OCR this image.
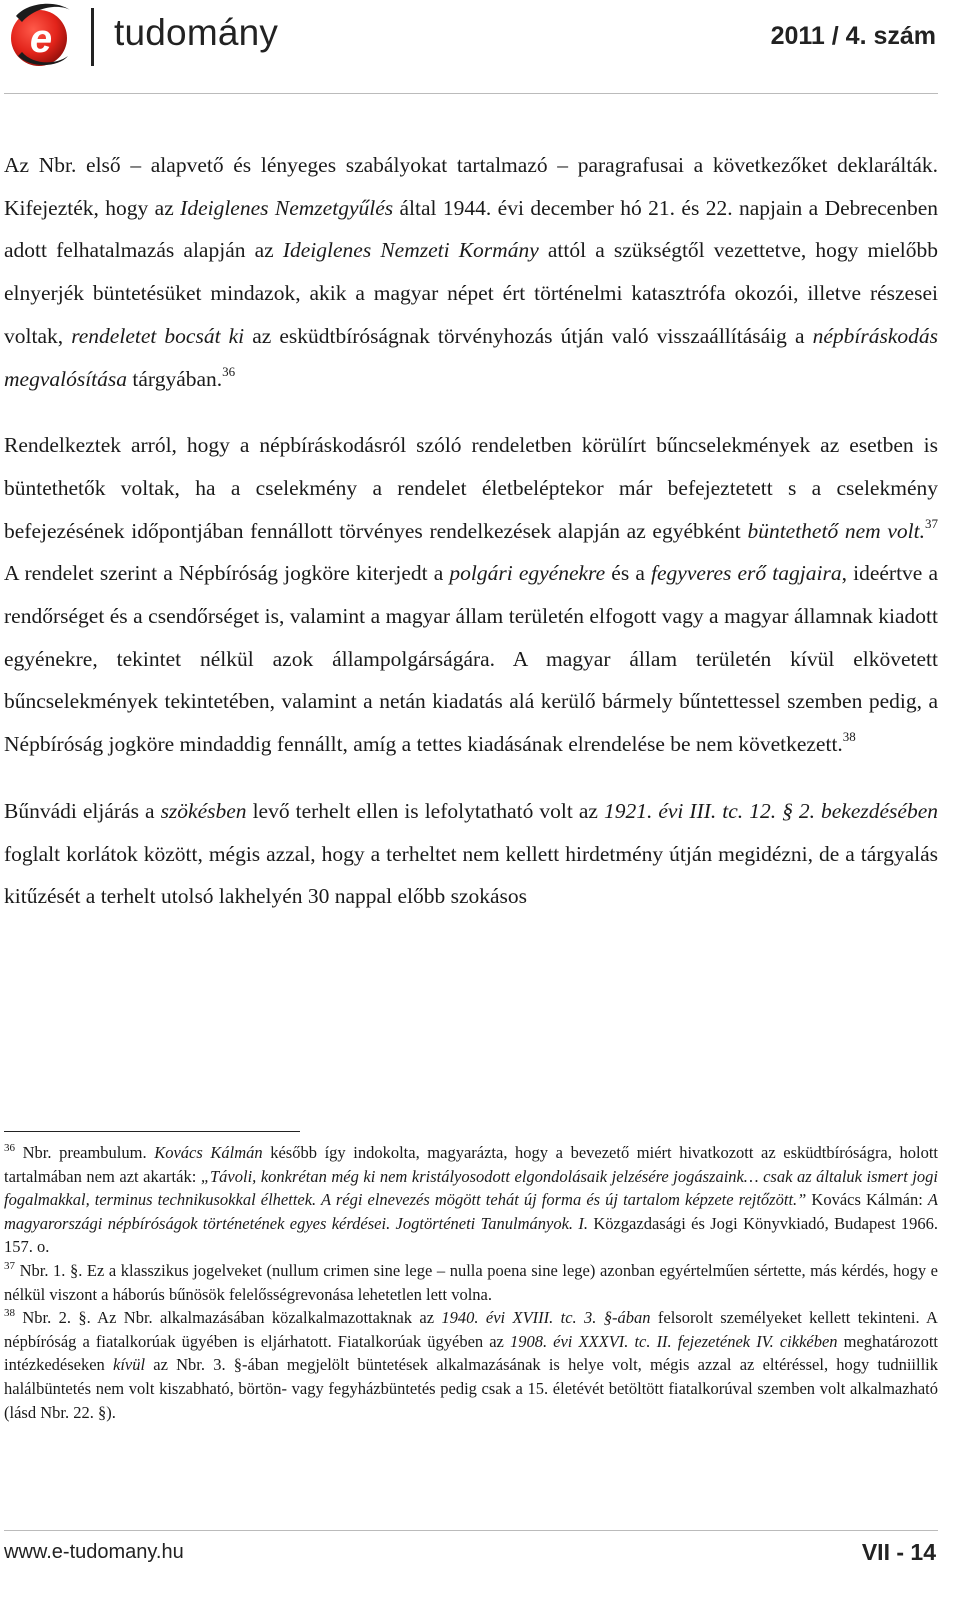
e tudomány	2011 / 4. szám

Az Nbr. első – alapvető és lényeges szabályokat tartalmazó – paragrafusai a következőket deklarálták. Kifejezték, hogy az Ideiglenes Nemzetgyűlés által 1944. évi december hó 21. és 22. napjain a Debrecenben adott felhatalmazás alapján az Ideiglenes Nemzeti Kormány attól a szükségtől vezettetve, hogy mielőbb elnyerjék büntetésüket mindazok, akik a magyar népet ért történelmi katasztrófa okozói, illetve részesei voltak, rendeletet bocsát ki az esküdtbíróságnak törvényhozás útján való visszaállításáig a népbíráskodás megvalósítása tárgyában.$^{36}$

Rendelkeztek arról, hogy a népbíráskodásról szóló rendeletben körülírt bűncselekmények az esetben is büntethetők voltak, ha a cselekmény a rendelet életbeléptekor már befejeztetett s a cselekmény befejezésének időpontjában fennállott törvényes rendelkezések alapján az egyébként büntethető nem volt.$^{37}$ A rendelet szerint a Népbíróság jogköre kiterjedt a polgári egyénekre és a fegyveres erő tagjaira, ideértve a rendőrséget és a csendőrséget is, valamint a magyar állam területén elfogott vagy a magyar államnak kiadott egyénekre, tekintet nélkül azok állampolgárságára. A magyar állam területén kívül elkövetett bűncselekmények tekintetében, valamint a netán kiadatás alá kerülő bármely bűntettessel szemben pedig, a Népbíróság jogköre mindaddig fennállt, amíg a tettes kiadásának elrendelése be nem következett.$^{38}$

Bűnvádi eljárás a szökésben levő terhelt ellen is lefolytatható volt az 1921. évi III. tc. 12. § 2. bekezdésében foglalt korlátok között, mégis azzal, hogy a terheltet nem kellett hirdetmény útján megidézni, de a tárgyalás kitűzését a terhelt utolsó lakhelyén 30 nappal előbb szokásos

$^{36}$ Nbr. preambulum. Kovács Kálmán később így indokolta, magyarázta, hogy a bevezető miért hivatkozott az esküdtbíróságra, holott tartalmában nem azt akarták: „Távoli, konkrétan még ki nem kristályosodott elgondolásaik jelzésére jogászaink… csak az általuk ismert jogi fogalmakkal, terminus technikusokkal élhettek. A régi elnevezés mögött tehát új forma és új tartalom képzete rejtőzött.” Kovács Kálmán: A magyarországi népbíróságok történetének egyes kérdései. Jogtörténeti Tanulmányok. I. Közgazdasági és Jogi Könyvkiadó, Budapest 1966. 157. o.

$^{37}$ Nbr. 1. §. Ez a klasszikus jogelveket (nullum crimen sine lege – nulla poena sine lege) azonban egyértelműen sértette, más kérdés, hogy e nélkül viszont a háborús bűnösök felelősségrevonása lehetetlen lett volna.

$^{38}$ Nbr. 2. §. Az Nbr. alkalmazásában közalkalmazottaknak az 1940. évi XVIII. tc. 3. §-ában felsorolt személyeket kellett tekinteni. A népbíróság a fiatalkorúak ügyében is eljárhatott. Fiatalkorúak ügyében az 1908. évi XXXVI. tc. II. fejezetének IV. cikkében meghatározott intézkedéseken kívül az Nbr. 3. §-ában megjelölt büntetések alkalmazásának is helye volt, mégis azzal az eltéréssel, hogy tudniillik halálbüntetés nem volt kiszabható, börtön- vagy fegyházbüntetés pedig csak a 15. életévét betöltött fiatalkorúval szemben volt alkalmazható (lásd Nbr. 22. §).

www.e-tudomany.hu	VII - 14
